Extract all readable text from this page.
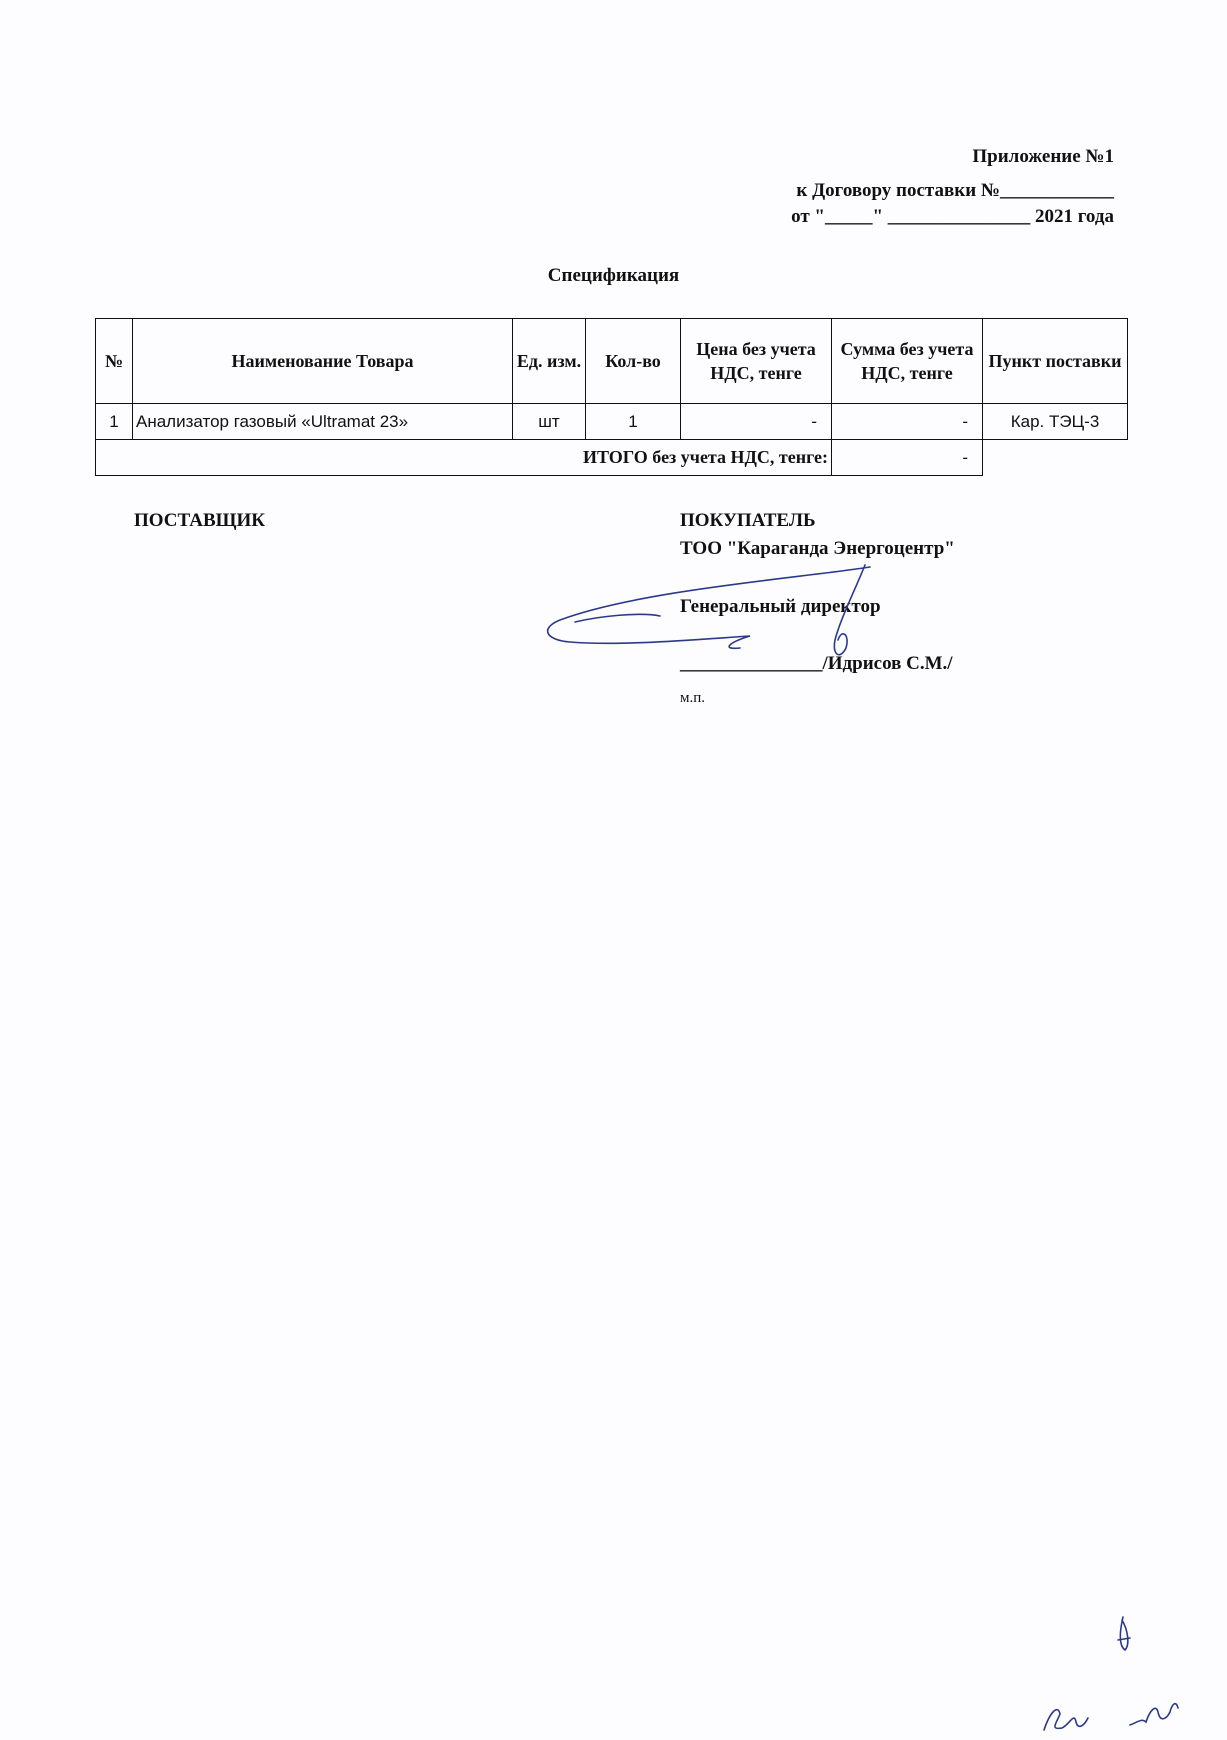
Приложение №1
к Договору поставки №____________
от "_____" _______________ 2021 года
Спецификация
№	Наименование Товара	Ед. изм.	Кол-во	Цена без учета НДС, тенге	Сумма без учета НДС, тенге	Пункт поставки
1	Анализатор газовый «Ultramat 23»	шт	1	-	-	Кар. ТЭЦ-3
ИТОГО без учета НДС, тенге:					-	
ПОСТАВЩИК	ПОКУПАТЕЛЬ
ТОО "Караганда Энергоцентр"
Генеральный директор
_______________/Идрисов С.М./
м.п.
